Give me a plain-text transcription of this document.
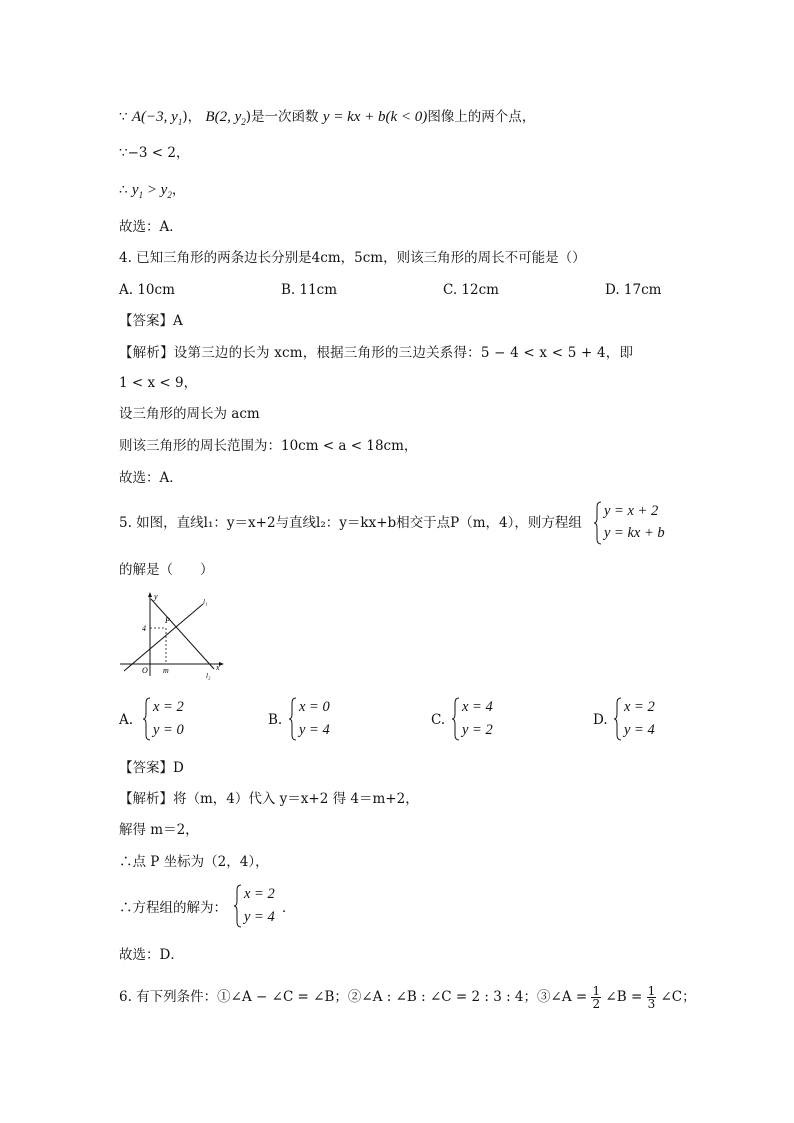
∵ A(−3, $y_1$)， B(2, $y_2$)是一次函数 y = kx + b(k < 0)图像上的两个点，
∵−3 < 2，
∴ $y_1 > y_2$，
故选：A．
4. 已知三角形的两条边长分别是4cm，5cm，则该三角形的周长不可能是（）
A. 10cm	B. 11cm	C. 12cm	D. 17cm
【答案】A
【解析】设第三边的长为 xcm，根据三角形的三边关系得：5 − 4 < x < 5 + 4，即
1 < x < 9，
设三角形的周长为 acm
则该三角形的周长范围为：10cm < a < 18cm，
故选：A．
5. 如图，直线l₁：y＝x+2与直线l₂：y＝kx+b相交于点P（m，4），则方程组
y = x + 2
y = kx + b
的解是（　　）
y
x
4
O m
P
l₁
l₂
A.
x = 2
y = 0
B.
x = 0
y = 4
C.
x = 4
y = 2
D.
x = 2
y = 4
【答案】D
【解析】将（m，4）代入 y＝x+2 得 4＝m+2，
解得 m＝2，
∴点 P 坐标为（2，4），
∴方程组的解为：
x = 2
y = 4
．
故选：D．
6. 有下列条件：①∠A − ∠C = ∠B；②∠A : ∠B : ∠C = 2 : 3 : 4；③∠A = $\frac{1}{2}$ ∠B = $\frac{1}{3}$ ∠C；
